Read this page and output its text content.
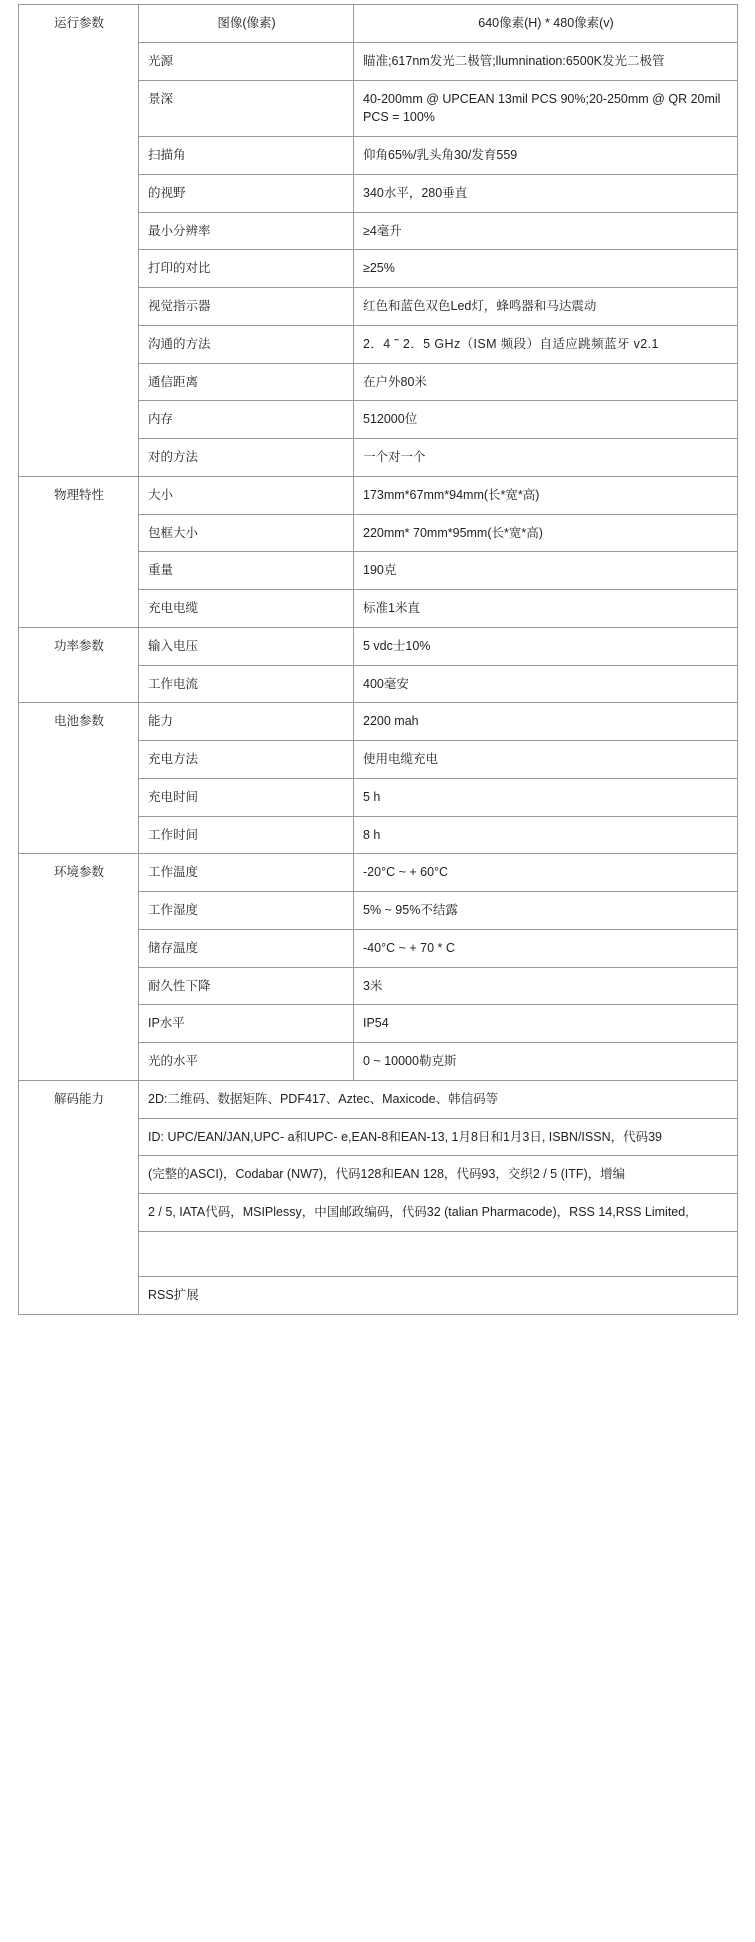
运行参数	图像(像素)	640像素(H) * 480像素(v)
	光源	瞄准;617nm发光二极管;llumnination:6500K发光二极管
	景深	40-200mm @ UPCEAN 13mil PCS 90%;20-250mm @ QR 20mil PCS = 100%
	扫描角	仰角65%/乳头角30/发育559
	的视野	340水平，280垂直
	最小分辨率	≥4毫升
	打印的对比	≥25%
	视觉指示器	红色和蓝色双色Led灯，蜂鸣器和马达震动
	沟通的方法	2．4 ˜ 2．5 GHz（ISM 频段）自适应跳频蓝牙 v2.1
	通信距离	在户外80米
	内存	512000位
	对的方法	一个对一个
物理特性	大小	173mm*67mm*94mm(长*宽*高)
	包框大小	220mm* 70mm*95mm(长*宽*高)
	重量	190克
	充电电缆	标准1米直
功率参数	输入电压	5 vdc士10%
	工作电流	400毫安
电池参数	能力	2200 mah
	充电方法	使用电缆充电
	充电时间	5 h
	工作时间	8 h
环境参数	工作温度	-20°C ~ + 60°C
	工作湿度	5% ~ 95%不结露
	储存温度	-40°C ~ + 70 * C
	耐久性下降	3米
	IP水平	IP54
	光的水平	0 ~ 10000勒克斯
解码能力	2D:二维码、数据矩阵、PDF417、Aztec、Maxicode、韩信码等	
	ID: UPC/EAN/JAN,UPC- a和UPC- e,EAN-8和EAN-13, 1月8日和1月3日, ISBN/ISSN，代码39	
	(完整的ASCI)，Codabar (NW7)，代码128和EAN 128，代码93，交织2 / 5 (ITF)，增编	
	2 / 5, IATA代码，MSIPlessy，中国邮政编码，代码32 (talian Pharmacode)，RSS 14,RSS Limited,	

	RSS扩展	
